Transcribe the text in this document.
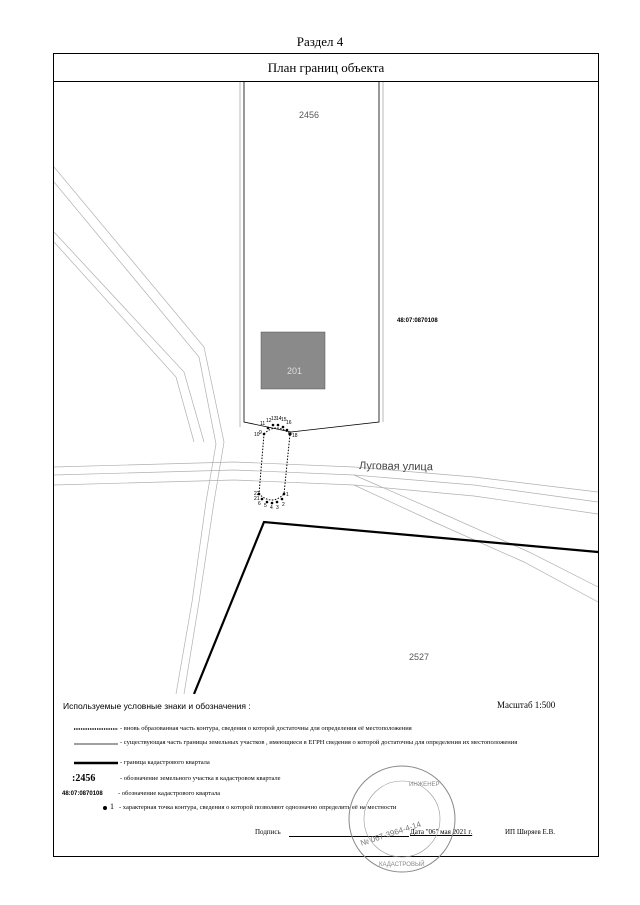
Раздел 4
План границ объекта
11 12 13 14 15 16
10 9	18
22
21
1
2
3
4
5
6
2456
201
48:07:0870108
Луговая улица
2527
Используемые условные знаки и обозначения :	Масштаб 1:500
- вновь образованная часть контура, сведения о которой достаточны для определения её местоположения
- существующая часть границы земельных участков , имеющиеся в ЕГРН сведения о которой достаточны для определения их местоположения
- граница кадастрового квартала
:2456	- обозначение земельного участка в кадастровом квартале
48:07:0870108 - обозначение кадастрового квартала
1 - характерная точка контура, сведения о которой позволяют однозначно определить её на местности
Подпись	Дата "06" мая 2021 г.	ИП Ширяев Е.В.
ИНЖЕНЕР
№ 067-3964-4-14
КАДАСТРОВЫЙ
